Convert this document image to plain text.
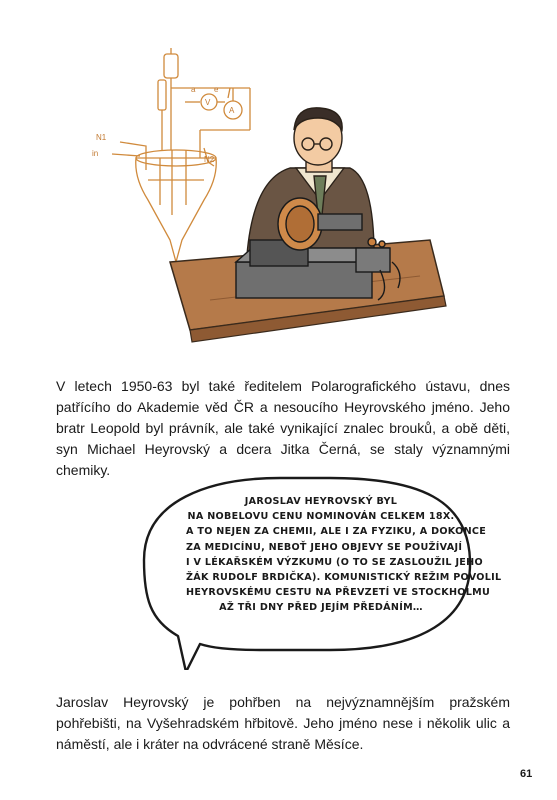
a e
V
A
N1
in
N2

V letech 1950-63 byl také ředitelem Polarografického ústavu, dnes patřícího do Akademie věd ČR a nesoucího Heyrovského jméno. Jeho bratr Leopold byl právník, ale také vynikající znalec brouků, a obě děti, syn Michael Heyrovský a dcera Jitka Černá, se staly významnými chemiky.

JAROSLAV HEYROVSKÝ BYL
NA NOBELOVU CENU NOMINOVÁN CELKEM 18X.
A TO NEJEN ZA CHEMII, ALE I ZA FYZIKU, A DOKONCE
ZA MEDICÍNU, NEBOŤ JEHO OBJEVY SE POUŽÍVAJÍ
I V LÉKAŘSKÉM VÝZKUMU (O TO SE ZASLOUŽIL JEHO
ŽÁK RUDOLF BRDIČKA). KOMUNISTICKÝ REŽIM POVOLIL
HEYROVSKÉMU CESTU NA PŘEVZETÍ VE STOCKHOLMU
AŽ TŘI DNY PŘED JEJÍM PŘEDÁNÍM…

Jaroslav Heyrovský je pohřben na nejvýznamnějším pražském pohřebišti, na Vyšehradském hřbitově. Jeho jméno nese i několik ulic a náměstí, ale i kráter na odvrácené straně Měsíce.

61
